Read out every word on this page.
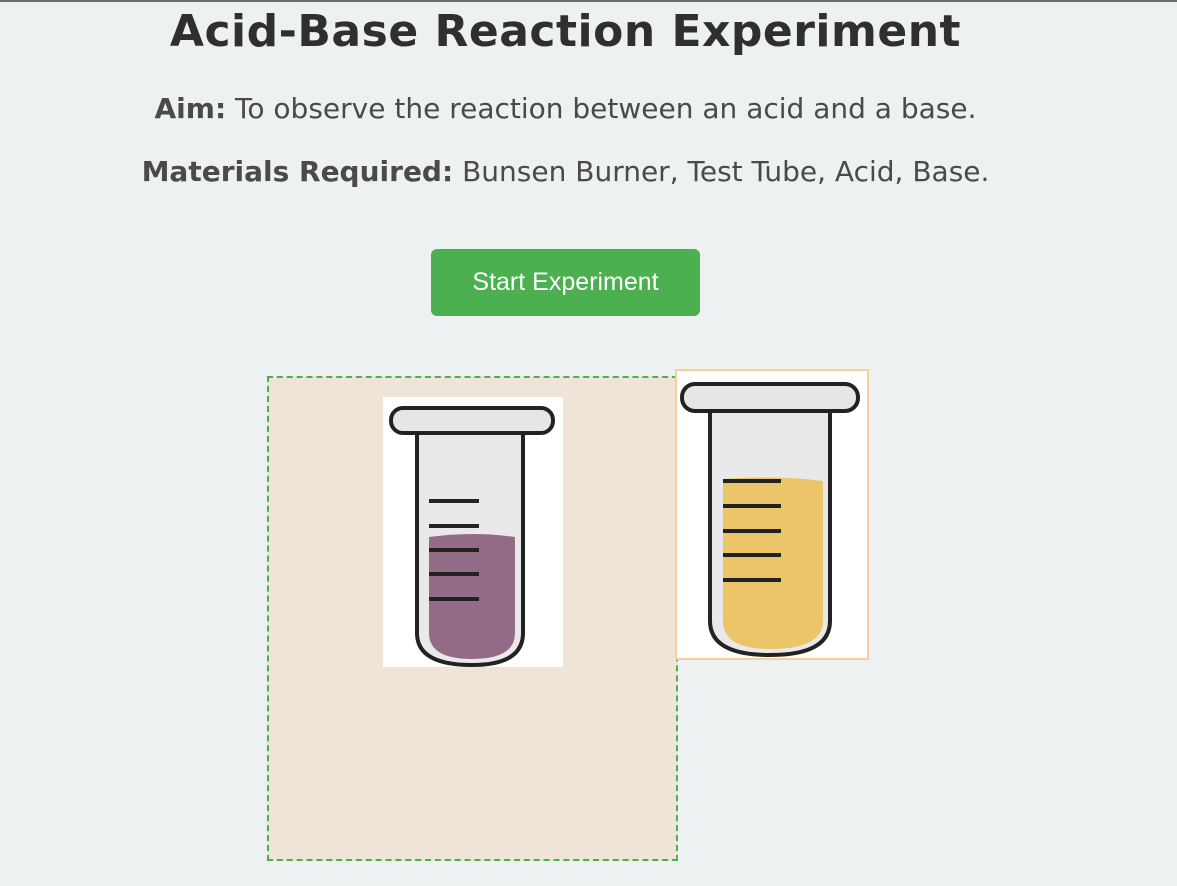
Acid-Base Reaction Experiment

Aim: To observe the reaction between an acid and a base.

Materials Required: Bunsen Burner, Test Tube, Acid, Base.

Start Experiment
